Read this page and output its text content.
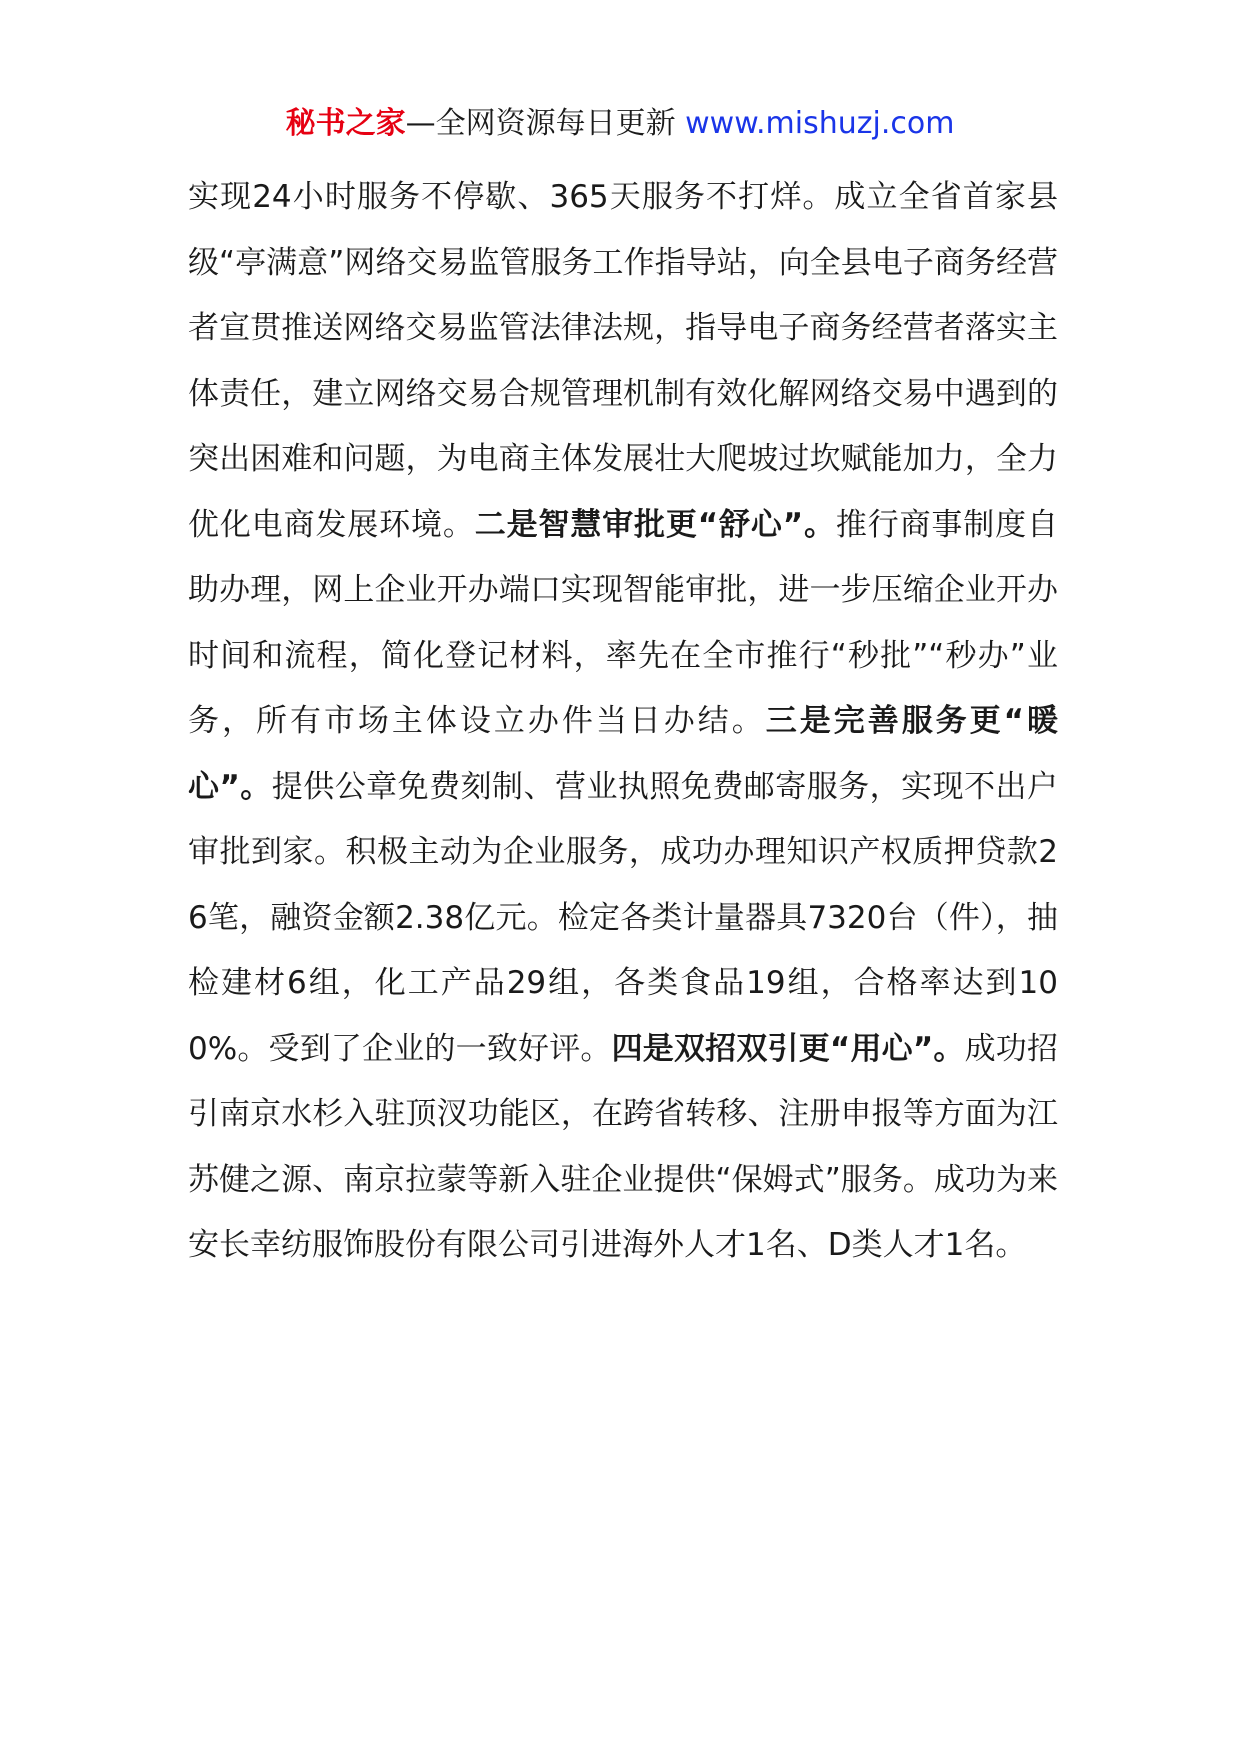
秘书之家—全网资源每日更新 www.mishuzj.com

实现24小时服务不停歇、365天服务不打烊。成立全省首家县级“亭满意”网络交易监管服务工作指导站，向全县电子商务经营者宣贯推送网络交易监管法律法规，指导电子商务经营者落实主体责任，建立网络交易合规管理机制有效化解网络交易中遇到的突出困难和问题，为电商主体发展壮大爬坡过坎赋能加力，全力优化电商发展环境。二是智慧审批更“舒心”。推行商事制度自助办理，网上企业开办端口实现智能审批，进一步压缩企业开办时间和流程，简化登记材料，率先在全市推行“秒批”“秒办”业务，所有市场主体设立办件当日办结。三是完善服务更“暖心”。提供公章免费刻制、营业执照免费邮寄服务，实现不出户审批到家。积极主动为企业服务，成功办理知识产权质押贷款26笔，融资金额2.38亿元。检定各类计量器具7320台（件），抽检建材6组，化工产品29组，各类食品19组，合格率达到100%。受到了企业的一致好评。四是双招双引更“用心”。成功招引南京水杉入驻顶汊功能区，在跨省转移、注册申报等方面为江苏健之源、南京拉蒙等新入驻企业提供“保姆式”服务。成功为来安长幸纺服饰股份有限公司引进海外人才1名、D类人才1名。
